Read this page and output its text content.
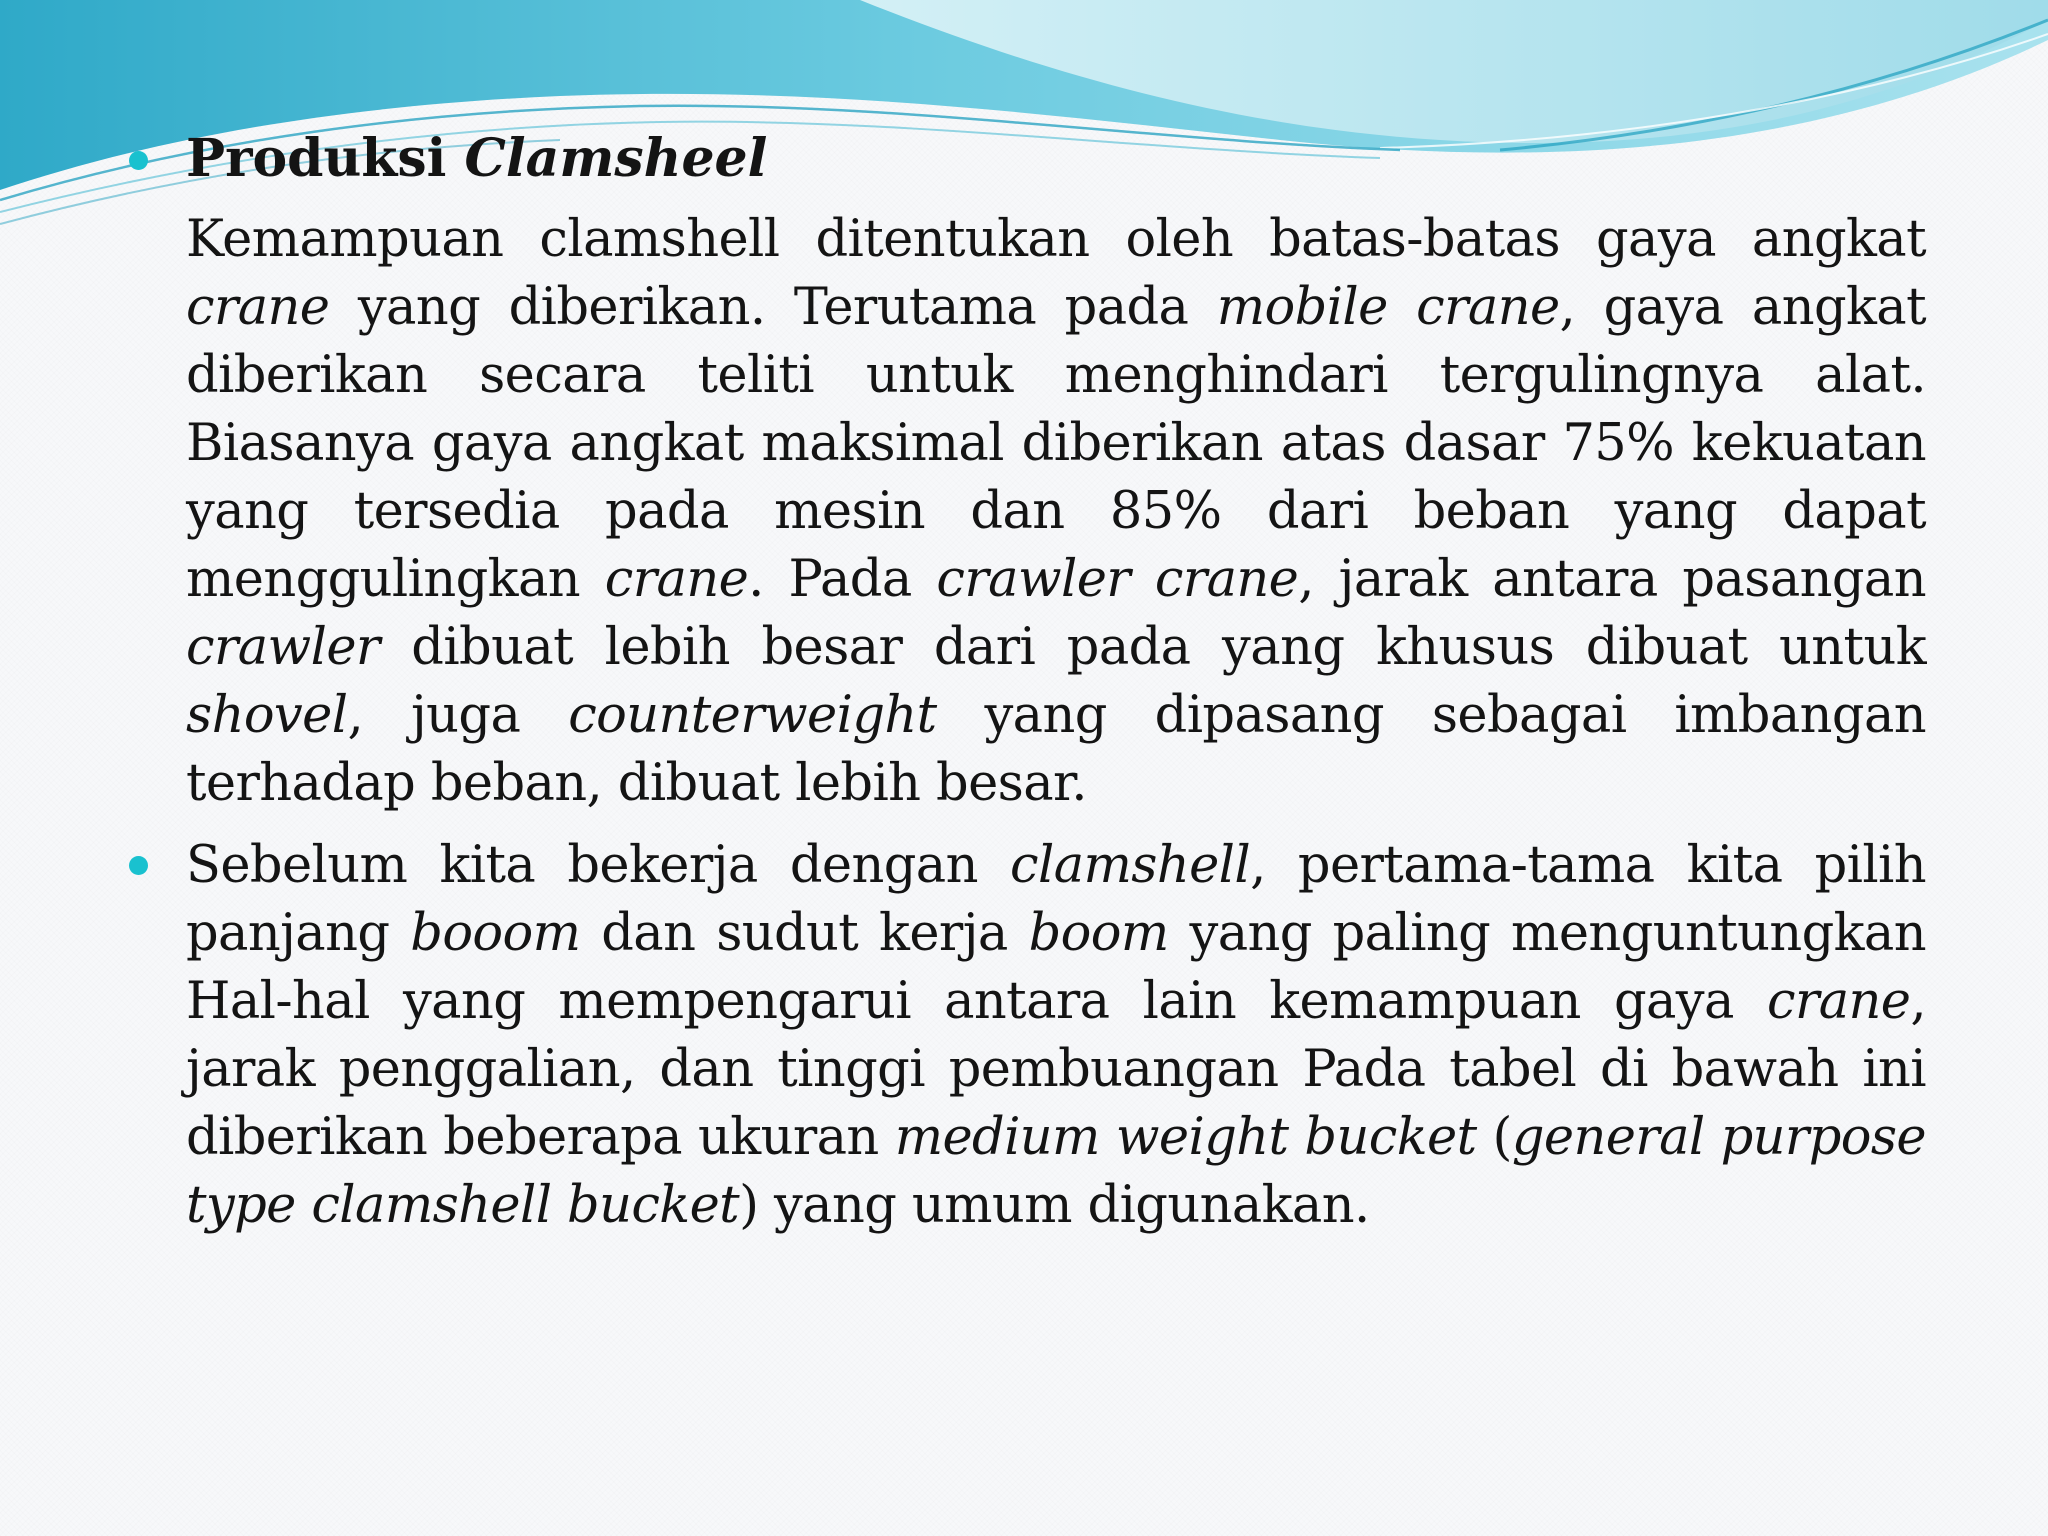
Produksi Clamsheel

Kemampuan clamshell ditentukan oleh batas-batas gaya angkat crane yang diberikan. Terutama pada mobile crane, gaya angkat diberikan secara teliti untuk menghindari tergulingnya alat. Biasanya gaya angkat maksimal diberikan atas dasar 75% kekuatan yang tersedia pada mesin dan 85% dari beban yang dapat menggulingkan crane. Pada crawler crane, jarak antara pasangan crawler dibuat lebih besar dari pada yang khusus dibuat untuk shovel, juga counterweight yang dipasang sebagai imbangan terhadap beban, dibuat lebih besar.

Sebelum kita bekerja dengan clamshell, pertama-tama kita pilih panjang booom dan sudut kerja boom yang paling menguntungkan Hal-hal yang mempengarui antara lain kemampuan gaya crane, jarak penggalian, dan tinggi pembuangan Pada tabel di bawah ini diberikan beberapa ukuran medium weight bucket (general purpose type clamshell bucket) yang umum digunakan.
